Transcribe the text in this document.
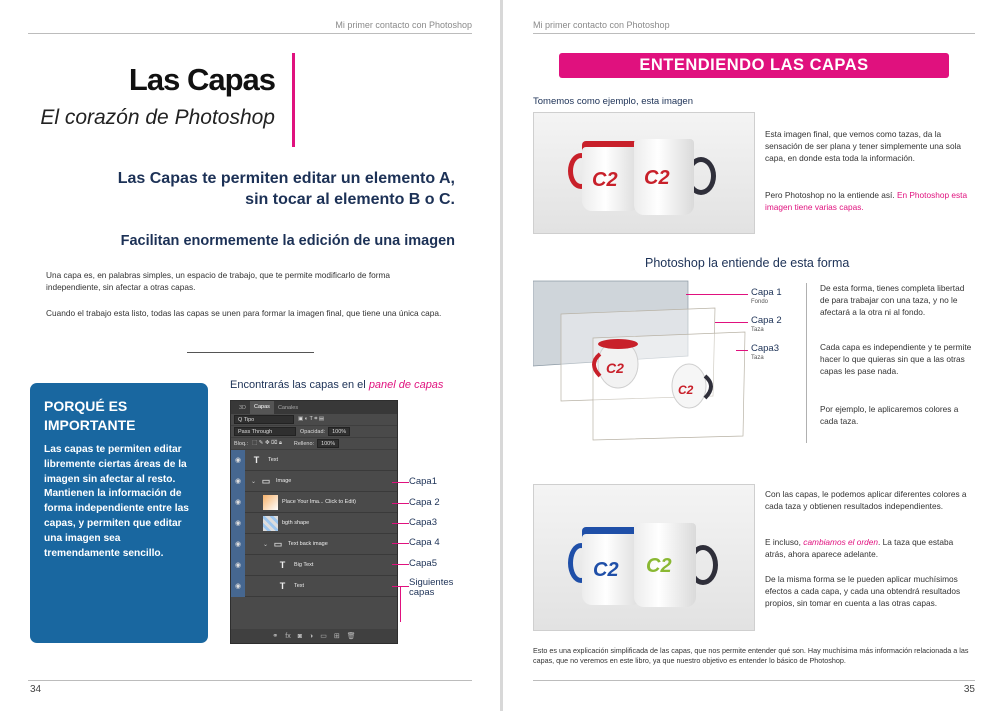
Mi primer contacto con Photoshop
Las Capas
El corazón de Photoshop
Las Capas te permiten editar un elemento A,
sin tocar al elemento B o C.
Facilitan enormemente la edición de una imagen
Una capa es, en palabras simples, un espacio de trabajo, que te permite modificarlo de forma independiente, sin afectar a otras capas.
Cuando el trabajo esta listo, todas las capas se unen para formar la imagen final, que tiene una única capa.
PORQUÉ ES IMPORTANTE
Las capas te permiten editar libremente ciertas áreas de la imagen sin afectar al resto. Mantienen la información de forma independiente entre las capas, y permiten que editar una imagen sea tremendamente sencillo.
Encontrarás las capas en el panel de capas
3D	Capas	Canales
Q Tipo	▣ ◐ T ⌗ ▤
Pass Through	Opacidad:	100%
Bloq.: ⬚ ✎ ✥ ⌧ 🔒︎ Relleno:	100%
◉	T	Text
◉	⌄ ▭	Image
◉	Place Your Ima... Click to Edit)
◉	bgth shape
◉	⌄ ▭	Text back image
◉	T	Big Text
◉	T	Text
⚭ fx ◙ ◑ ▭ ⊞ 🗑︎
Capa1
Capa 2
Capa3
Capa 4
Capa5
Siguientes capas
34
Mi primer contacto con Photoshop
ENTENDIENDO LAS CAPAS
Tomemos como ejemplo, esta imagen
C2 C2
Esta imagen final, que vemos como tazas, da la sensación de ser plana y tener simplemente una sola capa, en donde esta toda la información.
Pero Photoshop no la entiende así. En Photoshop esta imagen tiene varias capas.
Photoshop la entiende de esta forma
C2
C2
Capa 1
Fondo
Capa 2
Taza
Capa3
Taza
De esta forma, tienes completa libertad de para trabajar con una taza, y no le afectará a la otra ni al fondo.
Cada capa es independiente y te permite hacer lo que quieras sin que a las otras capas les pase nada.
Por ejemplo, le aplicaremos colores a cada taza.
C2 C2
Con las capas, le podemos aplicar diferentes colores a cada taza y obtienen resultados independientes.
E incluso, cambiamos el orden. La taza que estaba atrás, ahora aparece adelante.
De la misma forma se le pueden aplicar muchísimos efectos a cada capa, y cada una obtendrá resultados propios, sin tomar en cuenta a las otras capas.
Esto es una explicación simplificada de las capas, que nos permite entender qué son. Hay muchísima más información relacionada a las capas, que no veremos en este libro, ya que nuestro objetivo es entender lo básico de Photoshop.
35
